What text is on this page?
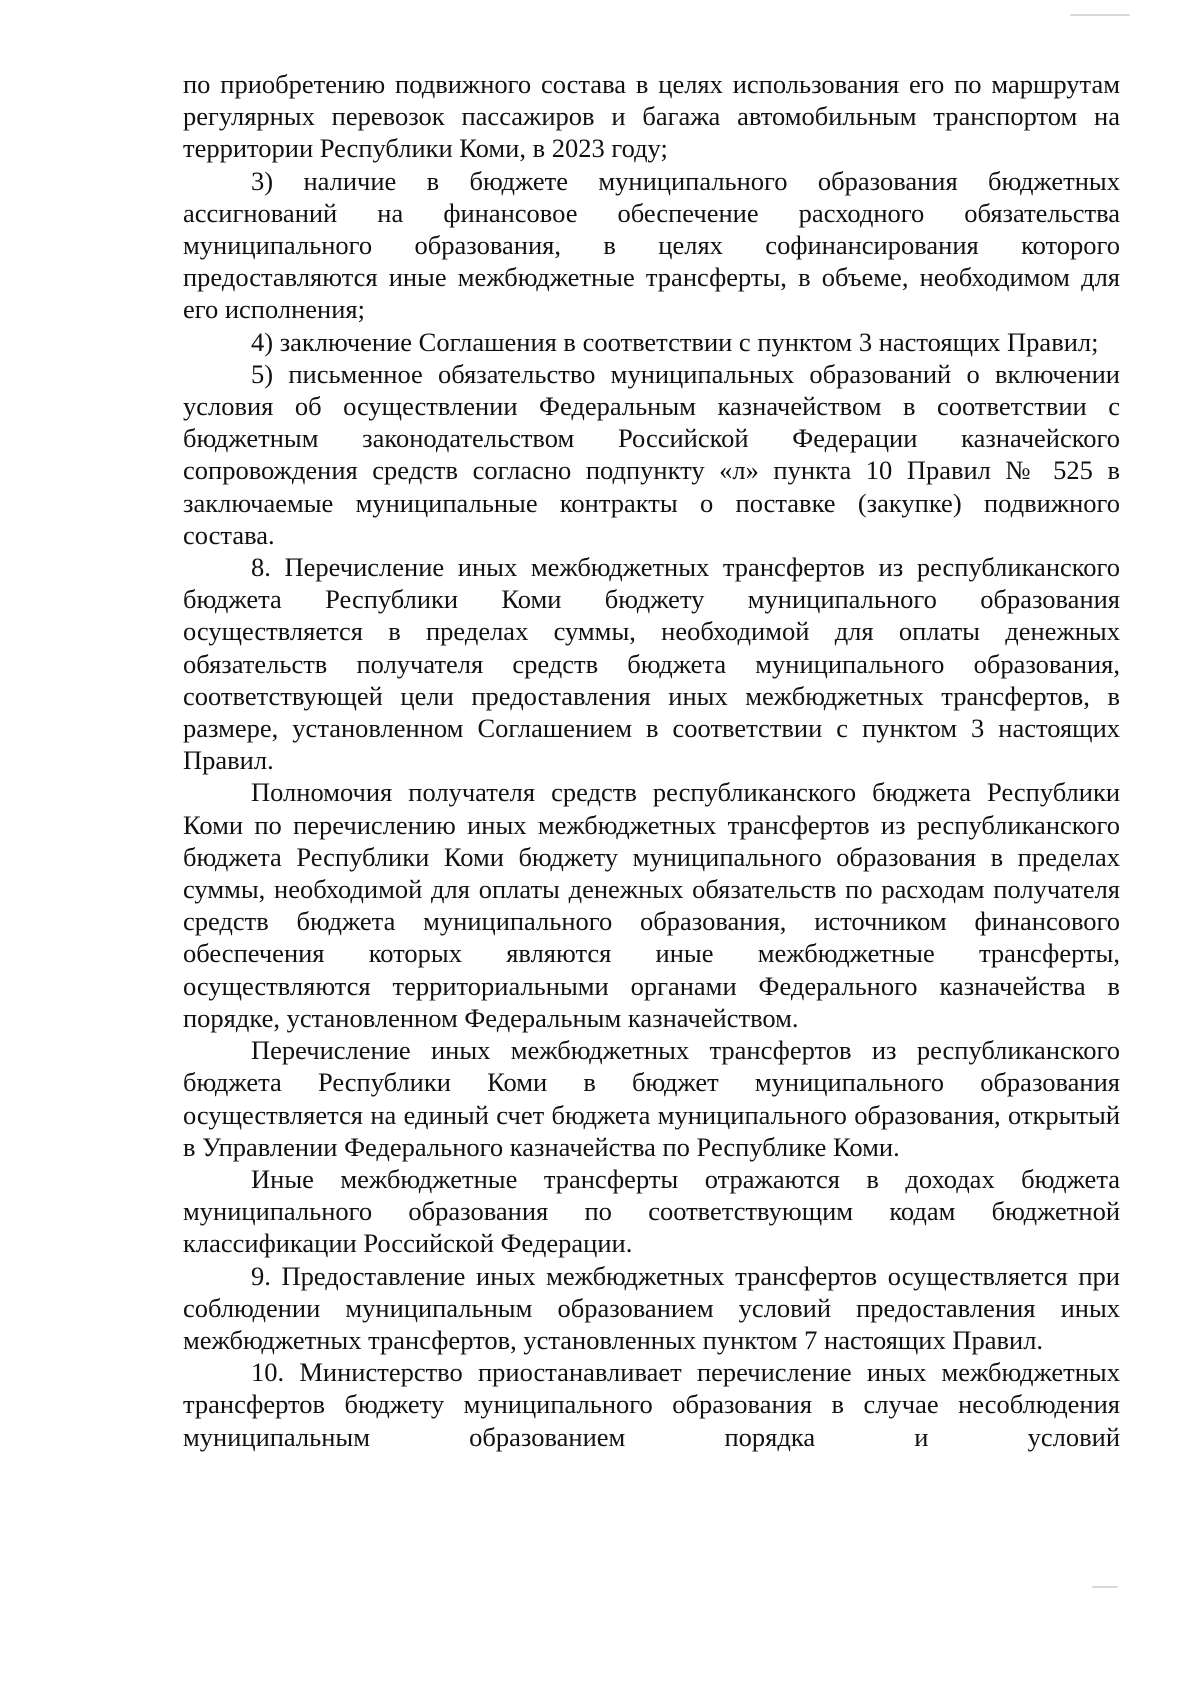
по приобретению подвижного состава в целях использования его по маршрутам регулярных перевозок пассажиров и багажа автомобильным транспортом на территории Республики Коми, в 2023 году;

3) наличие в бюджете муниципального образования бюджетных ассигнований на финансовое обеспечение расходного обязательства муниципального образования, в целях софинансирования которого предоставляются иные межбюджетные трансферты, в объеме, необходимом для его исполнения;

4) заключение Соглашения в соответствии с пунктом 3 настоящих Правил;

5) письменное обязательство муниципальных образований о включении условия об осуществлении Федеральным казначейством в соответствии с бюджетным законодательством Российской Федерации казначейского сопровождения средств согласно подпункту «л» пункта 10 Правил № 525 в заключаемые муниципальные контракты о поставке (закупке) подвижного состава.

8. Перечисление иных межбюджетных трансфертов из республиканского бюджета Республики Коми бюджету муниципального образования осуществляется в пределах суммы, необходимой для оплаты денежных обязательств получателя средств бюджета муниципального образования, соответствующей цели предоставления иных межбюджетных трансфертов, в размере, установленном Соглашением в соответствии с пунктом 3 настоящих Правил.

Полномочия получателя средств республиканского бюджета Республики Коми по перечислению иных межбюджетных трансфертов из республиканского бюджета Республики Коми бюджету муниципального образования в пределах суммы, необходимой для оплаты денежных обязательств по расходам получателя средств бюджета муниципального образования, источником финансового обеспечения которых являются иные межбюджетные трансферты, осуществляются территориальными органами Федерального казначейства в порядке, установленном Федеральным казначейством.

Перечисление иных межбюджетных трансфертов из республиканского бюджета Республики Коми в бюджет муниципального образования осуществляется на единый счет бюджета муниципального образования, открытый в Управлении Федерального казначейства по Республике Коми.

Иные межбюджетные трансферты отражаются в доходах бюджета муниципального образования по соответствующим кодам бюджетной классификации Российской Федерации.

9. Предоставление иных межбюджетных трансфертов осуществляется при соблюдении муниципальным образованием условий предоставления иных межбюджетных трансфертов, установленных пунктом 7 настоящих Правил.

10. Министерство приостанавливает перечисление иных межбюджетных трансфертов бюджету муниципального образования в случае несоблюдения муниципальным образованием порядка и условий
